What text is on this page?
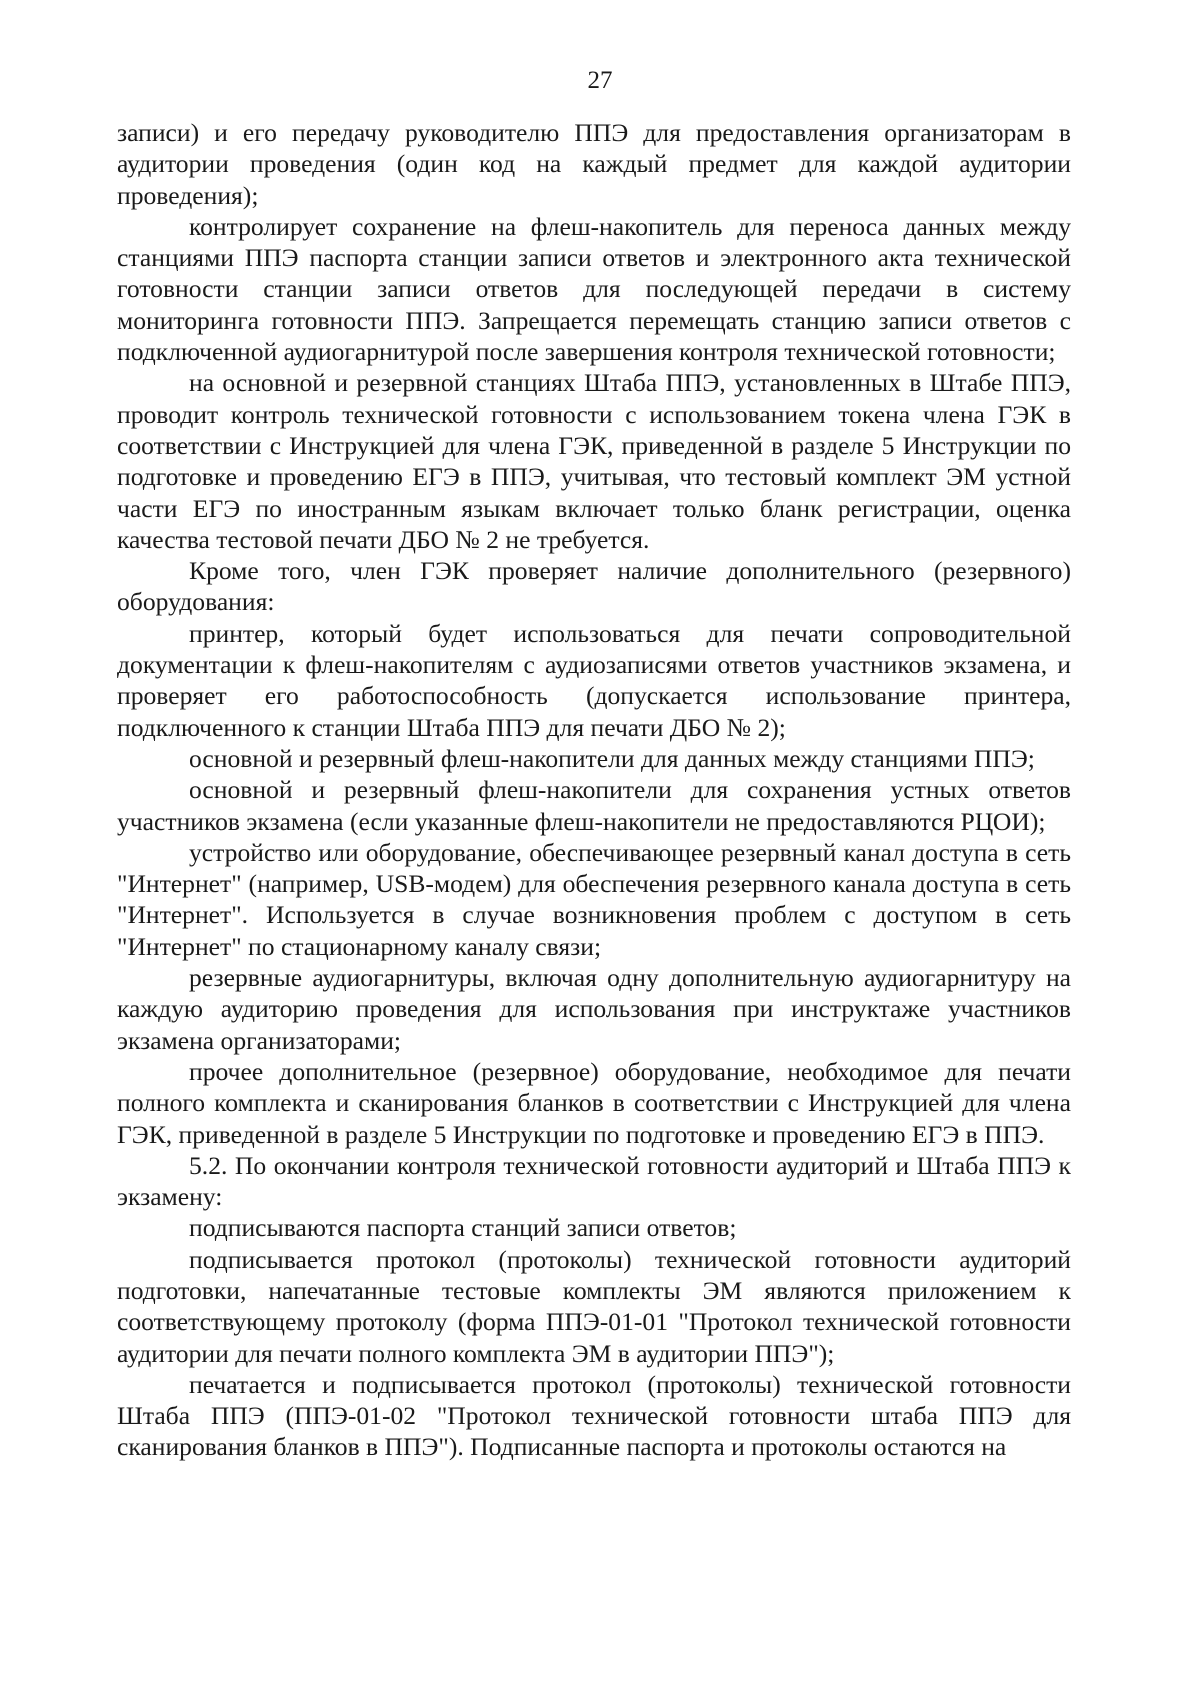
27

записи) и его передачу руководителю ППЭ для предоставления организаторам в аудитории проведения (один код на каждый предмет для каждой аудитории проведения);

контролирует сохранение на флеш-накопитель для переноса данных между станциями ППЭ паспорта станции записи ответов и электронного акта технической готовности станции записи ответов для последующей передачи в систему мониторинга готовности ППЭ. Запрещается перемещать станцию записи ответов с подключенной аудиогарнитурой после завершения контроля технической готовности;

на основной и резервной станциях Штаба ППЭ, установленных в Штабе ППЭ, проводит контроль технической готовности с использованием токена члена ГЭК в соответствии с Инструкцией для члена ГЭК, приведенной в разделе 5 Инструкции по подготовке и проведению ЕГЭ в ППЭ, учитывая, что тестовый комплект ЭМ устной части ЕГЭ по иностранным языкам включает только бланк регистрации, оценка качества тестовой печати ДБО № 2 не требуется.

Кроме того, член ГЭК проверяет наличие дополнительного (резервного) оборудования:

принтер, который будет использоваться для печати сопроводительной документации к флеш-накопителям с аудиозаписями ответов участников экзамена, и проверяет его работоспособность (допускается использование принтера, подключенного к станции Штаба ППЭ для печати ДБО № 2);

основной и резервный флеш-накопители для данных между станциями ППЭ;

основной и резервный флеш-накопители для сохранения устных ответов участников экзамена (если указанные флеш-накопители не предоставляются РЦОИ);

устройство или оборудование, обеспечивающее резервный канал доступа в сеть "Интернет" (например, USB-модем) для обеспечения резервного канала доступа в сеть "Интернет". Используется в случае возникновения проблем с доступом в сеть "Интернет" по стационарному каналу связи;

резервные аудиогарнитуры, включая одну дополнительную аудиогарнитуру на каждую аудиторию проведения для использования при инструктаже участников экзамена организаторами;

прочее дополнительное (резервное) оборудование, необходимое для печати полного комплекта и сканирования бланков в соответствии с Инструкцией для члена ГЭК, приведенной в разделе 5 Инструкции по подготовке и проведению ЕГЭ в ППЭ.

5.2. По окончании контроля технической готовности аудиторий и Штаба ППЭ к экзамену:

подписываются паспорта станций записи ответов;

подписывается протокол (протоколы) технической готовности аудиторий подготовки, напечатанные тестовые комплекты ЭМ являются приложением к соответствующему протоколу (форма ППЭ-01-01 "Протокол технической готовности аудитории для печати полного комплекта ЭМ в аудитории ППЭ");

печатается и подписывается протокол (протоколы) технической готовности Штаба ППЭ (ППЭ-01-02 "Протокол технической готовности штаба ППЭ для сканирования бланков в ППЭ"). Подписанные паспорта и протоколы остаются на
